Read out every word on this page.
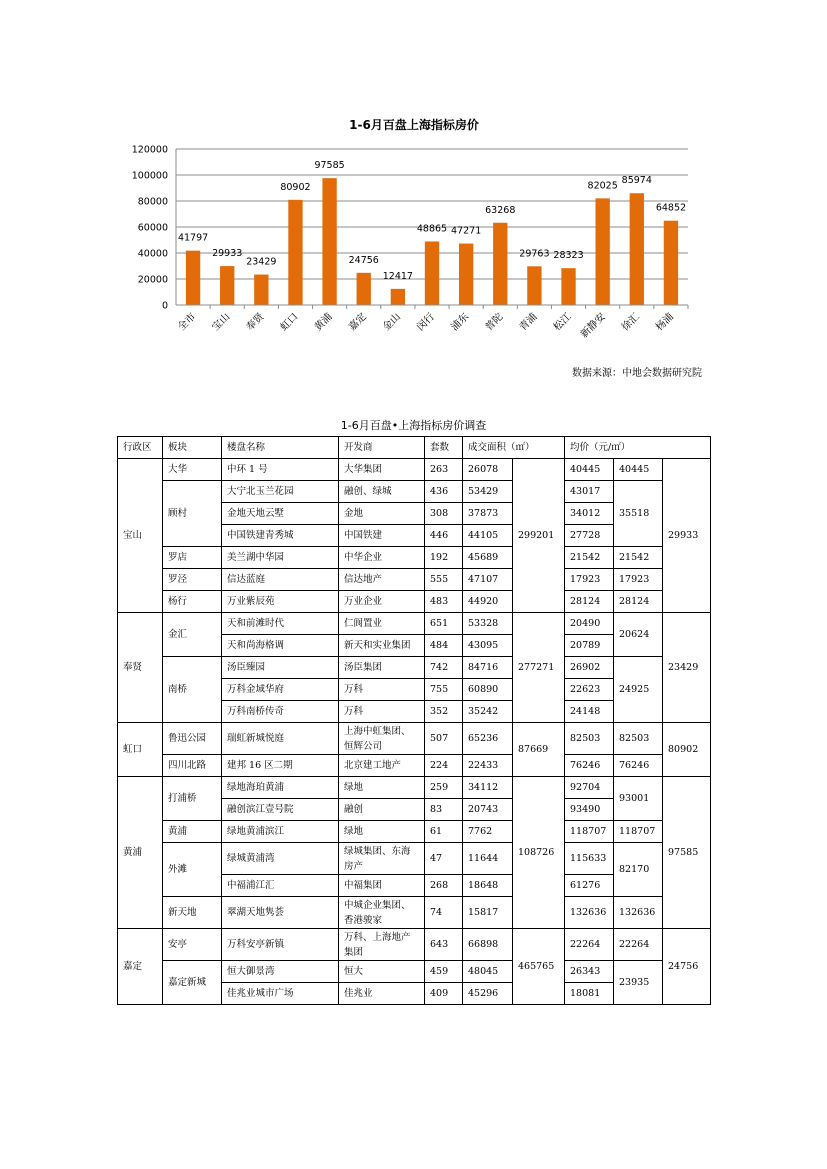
0
20000
40000
60000
80000
100000
120000
41797
全市
29933
宝山
23429
奉贤
80902
虹口
97585
黄浦
24756
嘉定
12417
金山
48865
闵行
47271
浦东
63268
普陀
29763
青浦
28323
松江
82025
新静安
85974
徐汇
64852
杨浦
1-6月百盘上海指标房价
数据来源：中地会数据研究院
1-6月百盘•上海指标房价调查
行政区	板块	楼盘名称	开发商	套数	成交面积（㎡）		均价（元/㎡）		
宝山	大华	中环 1 号	大华集团	263	26078	299201	40445	40445	29933
	顾村	大宁北玉兰花园	融创、绿城	436	53429		43017	35518	
		金地天地云墅	金地	308	37873		34012		
		中国铁建青秀城	中国铁建	446	44105		27728		
	罗店	美兰湖中华园	中华企业	192	45689		21542	21542	
	罗泾	信达蓝庭	信达地产	555	47107		17923	17923	
	杨行	万业紫辰苑	万业企业	483	44920		28124	28124	
奉贤	金汇	天和前滩时代	仁阆置业	651	53328	277271	20490	20624	23429
		天和尚海格调	新天和实业集团	484	43095		20789		
	南桥	汤臣臻园	汤臣集团	742	84716		26902	24925	
		万科金域华府	万科	755	60890		22623		
		万科南桥传奇	万科	352	35242		24148		
虹口	鲁迅公园	瑞虹新城悦庭	上海中虹集团、恒辉公司	507	65236	87669	82503	82503	80902
	四川北路	建邦 16 区二期	北京建工地产	224	22433		76246	76246	
黄浦	打浦桥	绿地海珀黄浦	绿地	259	34112	108726	92704	93001	97585
		融创滨江壹号院	融创	83	20743		93490		
	黄浦	绿地黄浦滨江	绿地	61	7762		118707	118707	
	外滩	绿城黄浦湾	绿城集团、东海房产	47	11644		115633	82170	
		中福浦江汇	中福集团	268	18648		61276		
	新天地	翠湖天地隽荟	中城企业集团、香港骏家	74	15817		132636	132636	
嘉定	安亭	万科安亭新镇	万科、上海地产集团	643	66898	465765	22264	22264	24756
	嘉定新城	恒大御景湾	恒大	459	48045		26343	23935	
		佳兆业城市广场	佳兆业	409	45296		18081		
